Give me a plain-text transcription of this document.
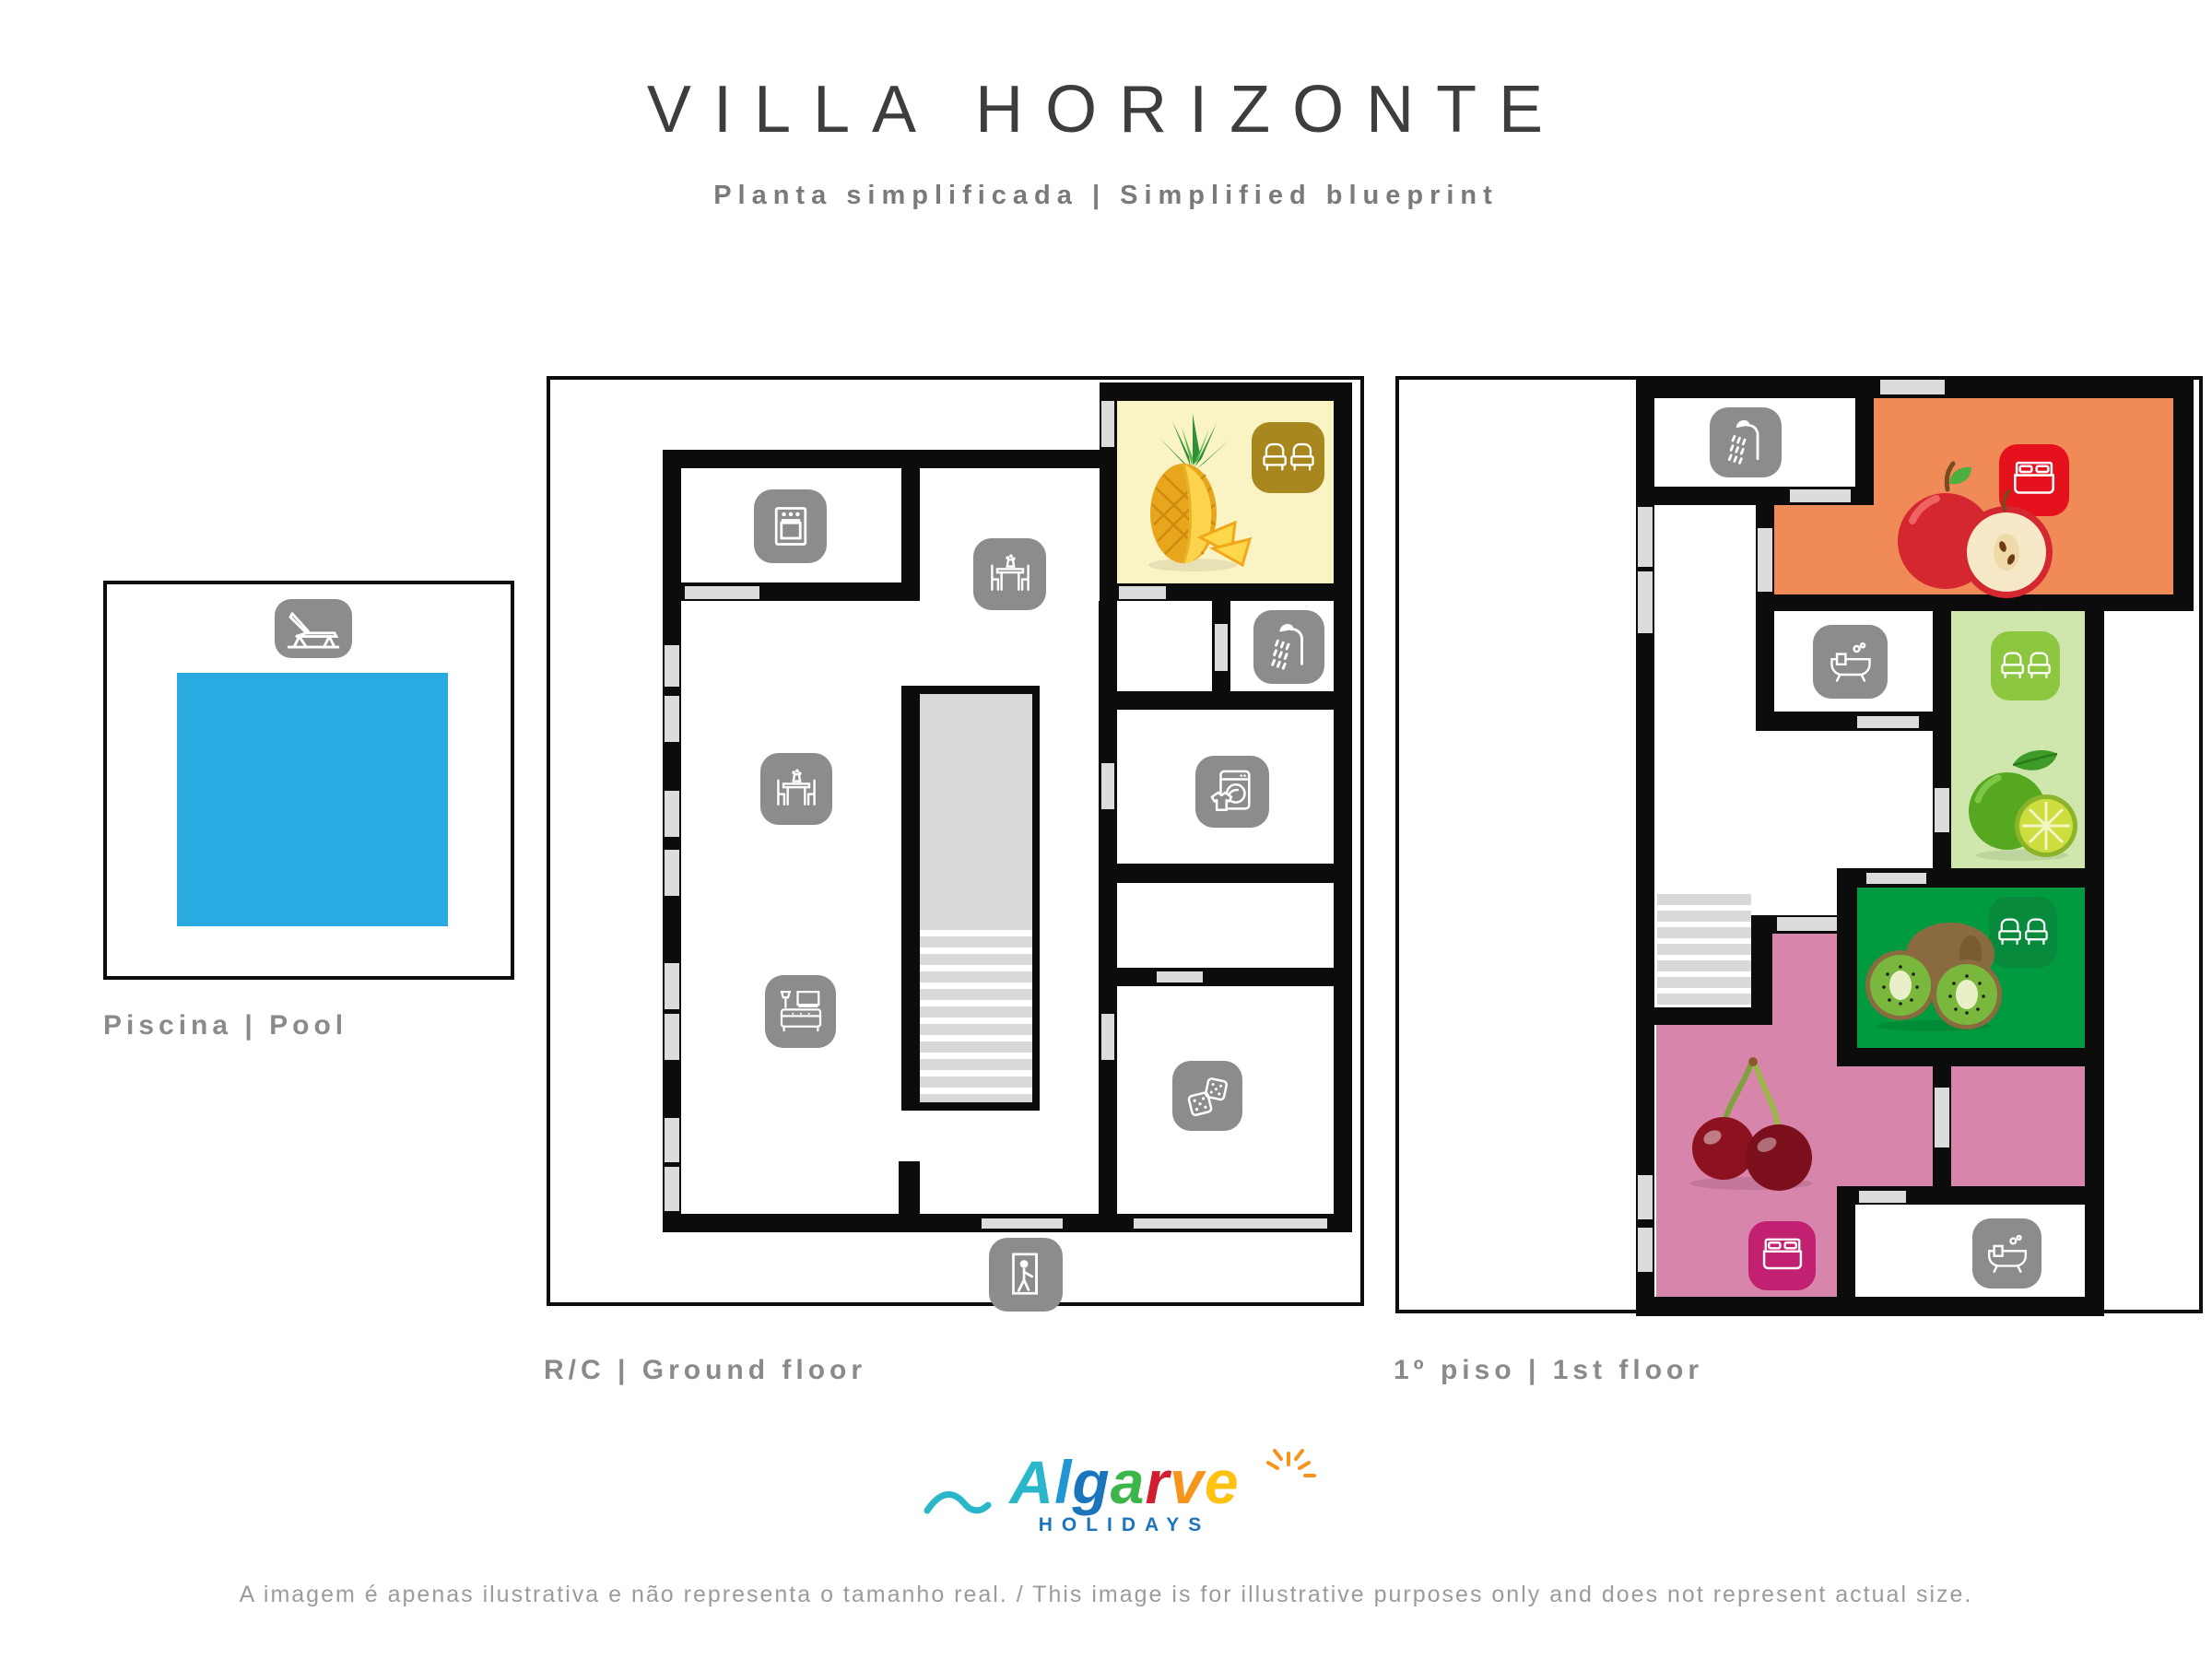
VILLA HORIZONTE
Planta simplificada | Simplified blueprint
Piscina | Pool
R/C | Ground floor	1º piso | 1st floor
Algarve
HOLIDAYS
A imagem é apenas ilustrativa e não representa o tamanho real. / This image is for illustrative purposes only and does not represent actual size.
